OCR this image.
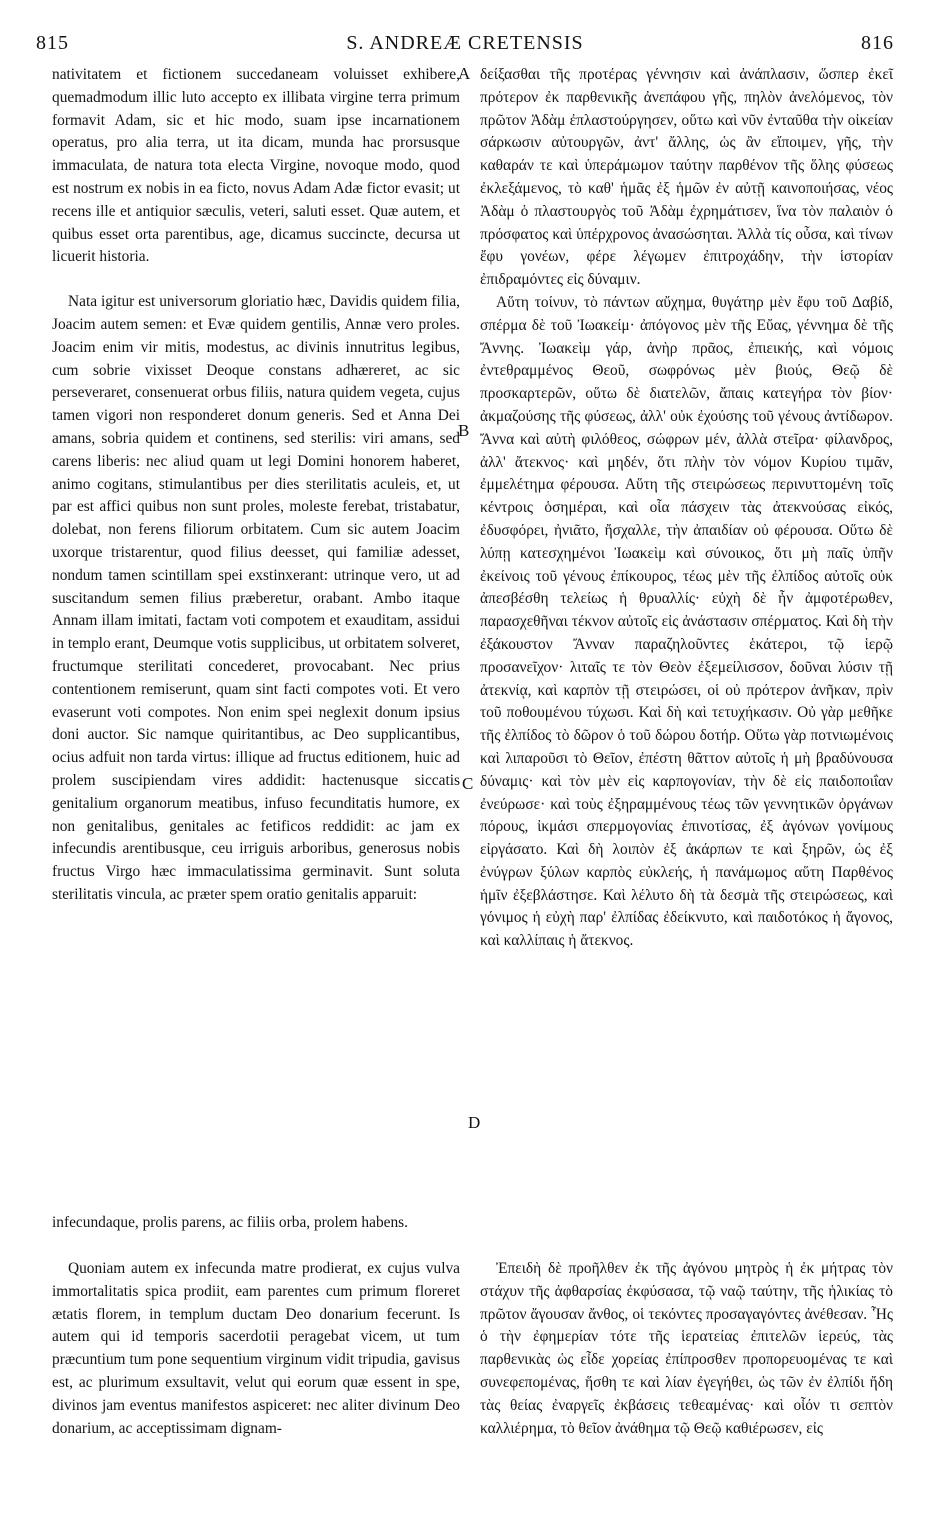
815	S. ANDREÆ CRETENSIS	816
A
B
C
D

nativitatem et fictionem succedaneam voluisset exhibere, quemadmodum illic luto accepto ex illibata virgine terra primum formavit Adam, sic et hic modo, suam ipse incarnationem operatus, pro alia terra, ut ita dicam, munda hac prorsusque immaculata, de natura tota electa Virgine, novoque modo, quod est nostrum ex nobis in ea ficto, novus Adam Adæ fictor evasit; ut recens ille et antiquior sæculis, veteri, saluti esset. Quæ autem, et quibus esset orta parentibus, age, dicamus succincte, decursa ut licuerit historia.

Nata igitur est universorum gloriatio hæc, Davidis quidem filia, Joacim autem semen: et Evæ quidem gentilis, Annæ vero proles. Joacim enim vir mitis, modestus, ac divinis innutritus legibus, cum sobrie vixisset Deoque constans adhæreret, ac sic perseveraret, consenuerat orbus filiis, natura quidem vegeta, cujus tamen vigori non responderet donum generis. Sed et Anna Dei amans, sobria quidem et continens, sed sterilis: viri amans, sed carens liberis: nec aliud quam ut legi Domini honorem haberet, animo cogitans, stimulantibus per dies sterilitatis aculeis, et, ut par est affici quibus non sunt proles, moleste ferebat, tristabatur, dolebat, non ferens filiorum orbitatem. Cum sic autem Joacim uxorque tristarentur, quod filius deesset, qui familiæ adesset, nondum tamen scintillam spei exstinxerant: utrinque vero, ut ad suscitandum semen filius præberetur, orabant. Ambo itaque Annam illam imitati, factam voti compotem et exauditam, assidui in templo erant, Deumque votis supplicibus, ut orbitatem solveret, fructumque sterilitati concederet, provocabant. Nec prius contentionem remiserunt, quam sint facti compotes voti. Et vero evaserunt voti compotes. Non enim spei neglexit donum ipsius doni auctor. Sic namque quiritantibus, ac Deo supplicantibus, ocius adfuit non tarda virtus: illique ad fructus editionem, huic ad prolem suscipiendam vires addidit: hactenusque siccatis genitalium organorum meatibus, infuso fecunditatis humore, ex non genitalibus, genitales ac fetificos reddidit: ac jam ex infecundis arentibusque, ceu irriguis arboribus, generosus nobis fructus Virgo hæc immaculatissima germinavit. Sunt soluta sterilitatis vincula, ac præter spem oratio genitalis apparuit:

δείξασθαι τῆς προτέρας γέννησιν καὶ ἀνάπλασιν, ὥσπερ ἐκεῖ πρότερον ἐκ παρθενικῆς ἀνεπάφου γῆς, πηλὸν ἀνελόμενος, τὸν πρῶτον Ἀδὰμ ἐπλαστούργησεν, οὕτω καὶ νῦν ἐνταῦθα τὴν οἰκείαν σάρκωσιν αὐτουργῶν, ἀντ' ἄλλης, ὡς ἂν εἴποιμεν, γῆς, τὴν καθαράν τε καὶ ὑπεράμωμον ταύτην παρθένον τῆς ὅλης φύσεως ἐκλεξάμενος, τὸ καθ' ἡμᾶς ἐξ ἡμῶν ἐν αὐτῇ καινοποιήσας, νέος Ἀδὰμ ὁ πλαστουργὸς τοῦ Ἀδὰμ ἐχρημάτισεν, ἵνα τὸν παλαιὸν ὁ πρόσφατος καὶ ὑπέρχρονος ἀνασώσηται. Ἀλλὰ τίς οὖσα, καὶ τίνων ἔφυ γονέων, φέρε λέγωμεν ἐπιτροχάδην, τὴν ἱστορίαν ἐπιδραμόντες εἰς δύναμιν.

Αὕτη τοίνυν, τὸ πάντων αὔχημα, θυγάτηρ μὲν ἔφυ τοῦ Δαβίδ, σπέρμα δὲ τοῦ Ἰωακείμ· ἀπόγονος μὲν τῆς Εὔας, γέννημα δὲ τῆς Ἄννης. Ἰωακεὶμ γάρ, ἀνὴρ πρᾶος, ἐπιεικής, καὶ νόμοις ἐντεθραμμένος Θεοῦ, σωφρόνως μὲν βιούς, Θεῷ δὲ προσκαρτερῶν, οὕτω δὲ διατελῶν, ἄπαις κατεγήρα τὸν βίον· ἀκμαζούσης τῆς φύσεως, ἀλλ' οὐκ ἐχούσης τοῦ γένους ἀντίδωρον. Ἄννα καὶ αὐτὴ φιλόθεος, σώφρων μέν, ἀλλὰ στεῖρα· φίλανδρος, ἀλλ' ἄτεκνος· καὶ μηδέν, ὅτι πλὴν τὸν νόμον Κυρίου τιμᾶν, ἐμμελέτημα φέρουσα. Αὕτη τῆς στειρώσεως περινυττομένη τοῖς κέντροις ὁσημέραι, καὶ οἷα πάσχειν τὰς ἀτεκνούσας εἰκός, ἐδυσφόρει, ἠνιᾶτο, ἤσχαλλε, τὴν ἀπαιδίαν οὐ φέρουσα. Οὕτω δὲ λύπῃ κατεσχημένοι Ἰωακεὶμ καὶ σύνοικος, ὅτι μὴ παῖς ὑπῆν ἐκείνοις τοῦ γένους ἐπίκουρος, τέως μὲν τῆς ἐλπίδος αὐτοῖς οὐκ ἀπεσβέσθη τελείως ἡ θρυαλλίς· εὐχὴ δὲ ἦν ἀμφοτέρωθεν, παρασχεθῆναι τέκνον αὐτοῖς εἰς ἀνάστασιν σπέρματος. Καὶ δὴ τὴν ἐξάκουστον Ἄνναν παραζηλοῦντες ἑκάτεροι, τῷ ἱερῷ προσανεῖχον· λιταῖς τε τὸν Θεὸν ἐξεμείλισσον, δοῦναι λύσιν τῇ ἀτεκνίᾳ, καὶ καρπὸν τῇ στειρώσει, οἱ οὐ πρότερον ἀνῆκαν, πρὶν τοῦ ποθουμένου τύχωσι. Καὶ δὴ καὶ τετυχήκασιν. Οὐ γὰρ μεθῆκε τῆς ἐλπίδος τὸ δῶρον ὁ τοῦ δώρου δοτήρ. Οὕτω γὰρ ποτνιωμένοις καὶ λιπαροῦσι τὸ Θεῖον, ἐπέστη θᾶττον αὐτοῖς ἡ μὴ βραδύνουσα δύναμις· καὶ τὸν μὲν εἰς καρπογονίαν, τὴν δὲ εἰς παιδοποιΐαν ἐνεύρωσε· καὶ τοὺς ἐξηραμμένους τέως τῶν γεννητικῶν ὀργάνων πόρους, ἰκμάσι σπερμογονίας ἐπινοτίσας, ἐξ ἀγόνων γονίμους εἰργάσατο. Καὶ δὴ λοιπὸν ἐξ ἀκάρπων τε καὶ ξηρῶν, ὡς ἐξ ἐνύγρων ξύλων καρπὸς εὐκλεής, ἡ πανάμωμος αὕτη Παρθένος ἡμῖν ἐξεβλάστησε. Καὶ λέλυτο δὴ τὰ δεσμὰ τῆς στειρώσεως, καὶ γόνιμος ἡ εὐχὴ παρ' ἐλπίδας ἐδείκνυτο, καὶ παιδοτόκος ἡ ἄγονος, καὶ καλλίπαις ἡ ἄτεκνος.

infecundaque, prolis parens, ac filiis orba, prolem habens.

Quoniam autem ex infecunda matre prodierat, ex cujus vulva immortalitatis spica prodiit, eam parentes cum primum floreret ætatis florem, in templum ductam Deo donarium fecerunt. Is autem qui id temporis sacerdotii peragebat vicem, ut tum præcuntium tum pone sequentium virginum vidit tripudia, gavisus est, ac plurimum exsultavit, velut qui eorum quæ essent in spe, divinos jam eventus manifestos aspiceret: nec aliter divinum Deo donarium, ac acceptissimam dignam-

Ἐπειδὴ δὲ προῆλθεν ἐκ τῆς ἀγόνου μητρὸς ἡ ἐκ μήτρας τὸν στάχυν τῆς ἀφθαρσίας ἐκφύσασα, τῷ ναῷ ταύτην, τῆς ἡλικίας τὸ πρῶτον ἄγουσαν ἄνθος, οἱ τεκόντες προσαγαγόντες ἀνέθεσαν. Ἧς ὁ τὴν ἐφημερίαν τότε τῆς ἱερατείας ἐπιτελῶν ἱερεύς, τὰς παρθενικὰς ὡς εἶδε χορείας ἐπίπροσθεν προπορευομένας τε καὶ συνεφεπομένας, ἥσθη τε καὶ λίαν ἐγεγήθει, ὡς τῶν ἐν ἐλπίδι ἤδη τὰς θείας ἐναργεῖς ἐκβάσεις τεθεαμένας· καὶ οἷόν τι σεπτὸν καλλιέρημα, τὸ θεῖον ἀνάθημα τῷ Θεῷ καθιέρωσεν, εἰς
